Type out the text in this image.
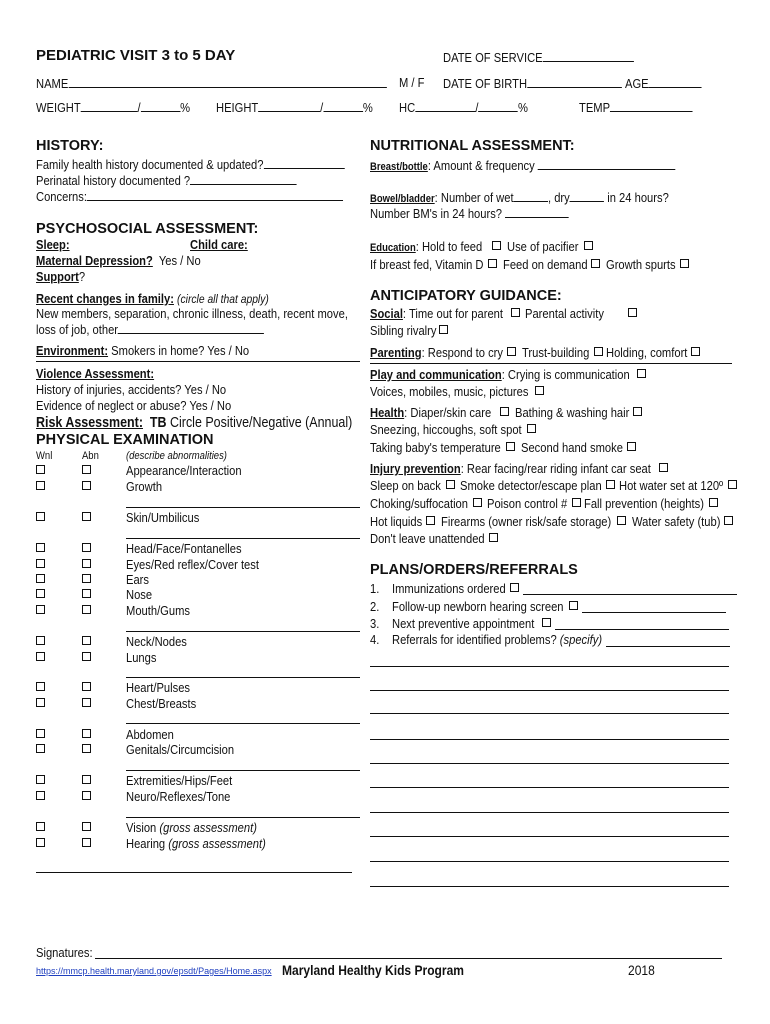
PEDIATRIC VISIT 3 to 5 DAY	DATE OF SERVICE
NAME	M / F DATE OF BIRTH	AGE
WEIGHT	/	% HEIGHT	/	% HC	/	%	TEMP
HISTORY:
Family health history documented & updated?
Perinatal history documented ?
Concerns:
PSYCHOSOCIAL ASSESSMENT:
Sleep:	Child care:
Maternal Depression? Yes / No
Support?
Recent changes in family: (circle all that apply)
New members, separation, chronic illness, death, recent move,
loss of job, other
Environment: Smokers in home? Yes / No
Violence Assessment:
History of injuries, accidents? Yes / No
Evidence of neglect or abuse? Yes / No
Risk Assessment: TB Circle Positive/Negative (Annual)
PHYSICAL EXAMINATION
Wnl	Abn (describe abnormalities)
Appearance/Interaction
Growth
Skin/Umbilicus
Head/Face/Fontanelles
Eyes/Red reflex/Cover test
Ears
Nose
Mouth/Gums
Neck/Nodes
Lungs
Heart/Pulses
Chest/Breasts
Abdomen
Genitals/Circumcision
Extremities/Hips/Feet
Neuro/Reflexes/Tone
Vision (gross assessment)
Hearing (gross assessment)
NUTRITIONAL ASSESSMENT:
Breast/bottle: Amount & frequency
Bowel/bladder: Number of wet	, dry	in 24 hours?
Number BM's in 24 hours?
Education: Hold to feed Use of pacifier
If breast fed, Vitamin D Feed on demand Growth spurts
ANTICIPATORY GUIDANCE:
Social: Time out for parent Parental activity
Sibling rivalry
Parenting: Respond to cry Trust-building Holding, comfort
Play and communication: Crying is communication
Voices, mobiles, music, pictures
Health: Diaper/skin care Bathing & washing hair
Sneezing, hiccoughs, soft spot
Taking baby's temperature Second hand smoke
Injury prevention: Rear facing/rear riding infant car seat
Sleep on back Smoke detector/escape plan Hot water set at 120º
Choking/suffocation Poison control # Fall prevention (heights)
Hot liquids Firearms (owner risk/safe storage) Water safety (tub)
Don't leave unattended
PLANS/ORDERS/REFERRALS
1. Immunizations ordered
2. Follow-up newborn hearing screen
3. Next preventive appointment
4. Referrals for identified problems? (specify)
Signatures:
https://mmcp.health.maryland.gov/epsdt/Pages/Home.aspx Maryland Healthy Kids Program	2018
